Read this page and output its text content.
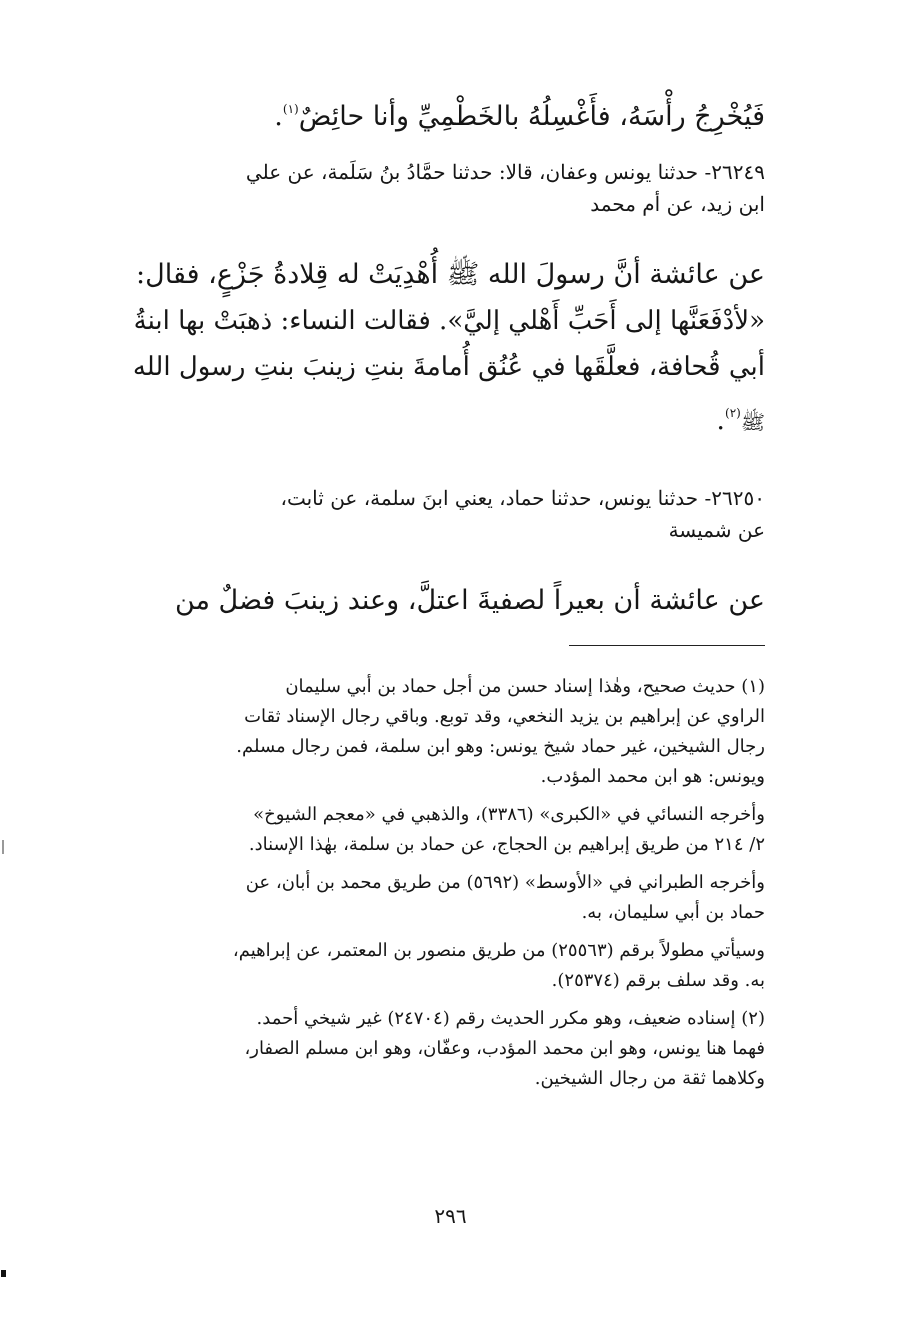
فَيُخْرِجُ رأْسَهُ، فأَغْسِلُهُ بالخَطْمِيِّ وأنا حائِضٌ$^{(١)}$.

٢٦٢٤٩- حدثنا يونس وعفان، قالا: حدثنا حمَّادُ بنُ سَلَمة، عن علي
ابن زيد، عن أم محمد

عن عائشة أنَّ رسولَ الله ﷺ أُهْدِيَتْ له قِلادةُ جَزْعٍ، فقال:
«لأدْفَعَنَّها إلى أَحَبِّ أَهْلي إليَّ». فقالت النساء: ذهبَتْ بها ابنةُ
أبي قُحافة، فعلَّقَها في عُنُق أُمامةَ بنتِ زينبَ بنتِ رسول الله
ﷺ$^{(٢)}$.

٢٦٢٥٠- حدثنا يونس، حدثنا حماد، يعني ابنَ سلمة، عن ثابت،
عن شميسة

عن عائشة أن بعيراً لصفيةَ اعتلَّ، وعند زينبَ فضلٌ من

(١) حديث صحيح، وهٰذا إسناد حسن من أجل حماد بن أبي سليمان
الراوي عن إبراهيم بن يزيد النخعي، وقد توبع. وباقي رجال الإسناد ثقات
رجال الشيخين، غير حماد شيخ يونس: وهو ابن سلمة، فمن رجال مسلم.
ويونس: هو ابن محمد المؤدب.

وأخرجه النسائي في «الكبرى» (٣٣٨٦)، والذهبي في «معجم الشيوخ»
٢/ ٢١٤ من طريق إبراهيم بن الحجاج، عن حماد بن سلمة، بهٰذا الإسناد.

وأخرجه الطبراني في «الأوسط» (٥٦٩٢) من طريق محمد بن أبان، عن
حماد بن أبي سليمان، به.

وسيأتي مطولاً برقم (٢٥٥٦٣) من طريق منصور بن المعتمر، عن إبراهيم،
به. وقد سلف برقم (٢٥٣٧٤).

(٢) إسناده ضعيف، وهو مكرر الحديث رقم (٢٤٧٠٤) غير شيخي أحمد.
فهما هنا يونس، وهو ابن محمد المؤدب، وعفّان، وهو ابن مسلم الصفار،
وكلاهما ثقة من رجال الشيخين.

٢٩٦
